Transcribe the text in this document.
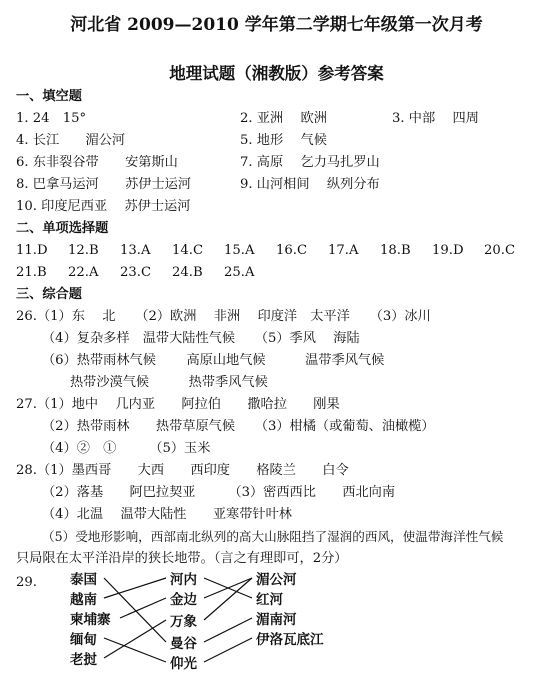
河北省 2009—2010 学年第二学期七年级第一次月考
地理试题（湘教版）参考答案
一、填空题
1. 24　15°	2. 亚洲　 欧洲	3. 中部　 四周
4. 长江　　湄公河	5. 地形　 气候
6. 东非裂谷带　　安第斯山	7. 高原　 乞力马扎罗山
8. 巴拿马运河　　苏伊士运河	9. 山河相间　 纵列分布
10. 印度尼西亚　 苏伊士运河
二、单项选择题
11.D 12.B 13.A 14.C 15.A 16.C 17.A 18.B 19.D 20.C
21.B 22.A 23.C 24.B 25.A
三、综合题
26.（1）东　 北　　（2）欧洲　 非洲　 印度洋　太平洋　　（3）冰川
（4）复杂多样　温带大陆性气候　　（5）季风　 海陆
（6）热带雨林气候　　 高原山地气候　　　温带季风气候
热带沙漠气候　　　热带季风气候
27.（1）地中　 几内亚　　阿拉伯　　撒哈拉　　刚果
（2）热带雨林　　热带草原气候　　（3）柑橘（或葡萄、油橄榄）
（4）②　①　　　（5）玉米
28.（1）墨西哥　　大西　　西印度　　格陵兰　　白令
（2）落基　　阿巴拉契亚　　　（3）密西西比　　西北向南
（4）北温　 温带大陆性　　亚寒带针叶林
（5）受地形影响，西部南北纵列的高大山脉阻挡了湿润的西风，使温带海洋性气候
只局限在太平洋沿岸的狭长地带。（言之有理即可，2分）
29. 泰国
越南
柬埔寨
缅甸
老挝
河内
金边
万象
曼谷
仰光
湄公河
红河
湄南河
伊洛瓦底江
